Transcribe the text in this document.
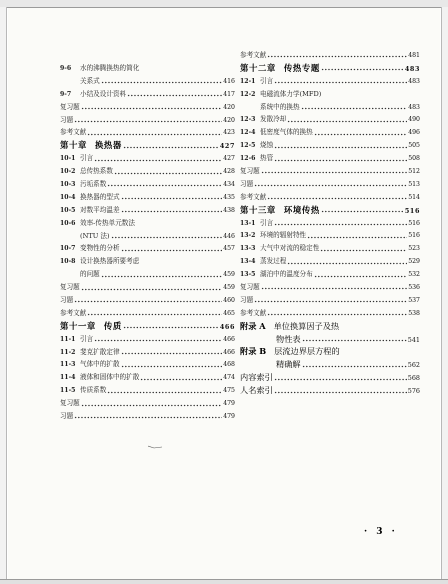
9-6	水的沸腾换热的简化
关系式	416
9-7	小结及设计资料	417
复习题	420
习题	420
参考文献	423
第十章 换热器	427
10-1 引言	427
10-2 总传热系数	428
10-3 污垢系数	434
10-4 换热器的型式	435
10-5 对数平均温差	438
10-6 效率-传热单元数法
(NTU 法)	446
10-7 变物性的分析	457
10-8 设计换热器所要考虑
的问题	459
复习题	459
习题	460
参考文献	465
第十一章 传质	466
11-1 引言	466
11-2 斐克扩散定律	466
11-3 气体中的扩散	468
11-4 液体和固体中的扩散	474
11-5 传质系数	475
复习题	479
习题	479
参考文献	481
第十二章 传热专题	483
12-1 引言	483
12-2 电磁流体力学(MFD)
系统中的换热	483
12-3 发散冷却	490
12-4 低密度气体的换热	496
12-5 烧蚀	505
12-6 热管	508
复习题	512
习题	513
参考文献	514
第十三章 环境传热	516
13-1 引言	516
13-2 环境的辐射特性	516
13-3 大气中对流的稳定性	523
13-4 蒸发过程	529
13-5 湖泊中的温度分布	532
复习题	536
习题	537
参考文献	538
附录 A 单位换算因子及热
物性表	541
附录 B 层流边界层方程的
精确解	562
内容索引	568
人名索引	576
· 3 ·
